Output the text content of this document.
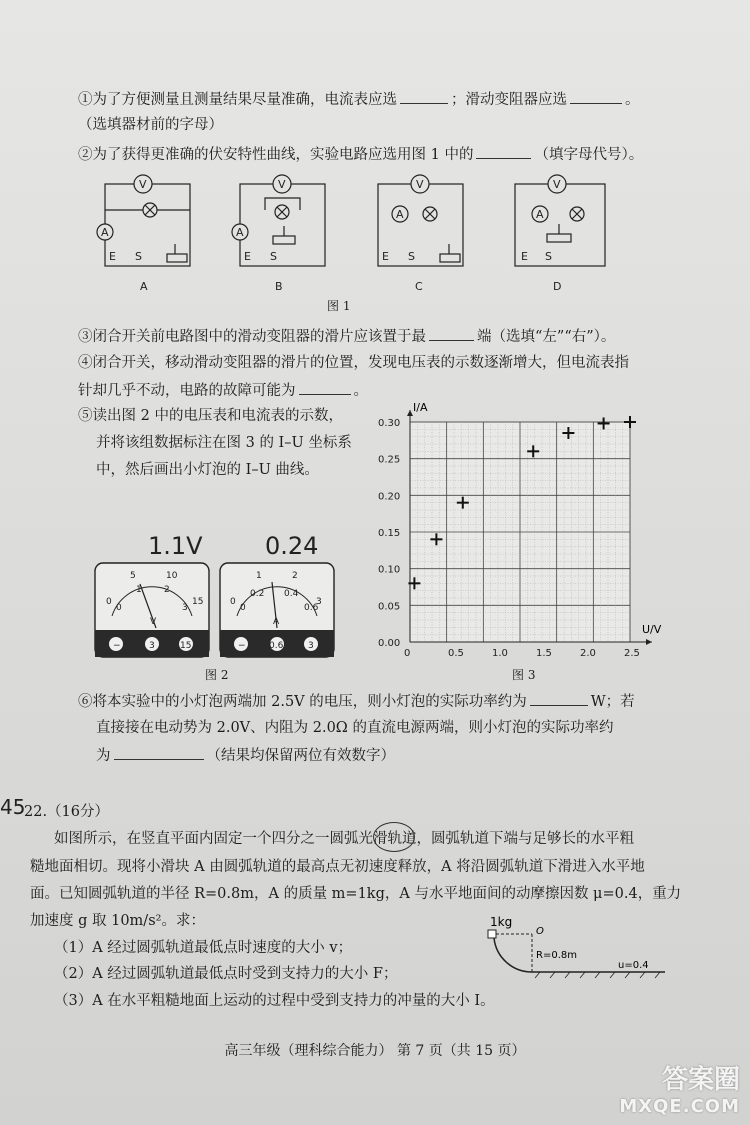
①为了方便测量且测量结果尽量准确，电流表应选	；滑动变阻器应选	。
（选填器材前的字母）
②为了获得更准确的伏安特性曲线，实验电路应选用图 1 中的	（填字母代号）。
V
A
E S
A
V
A
E S
B
V
A
E S
C
V
A
E S
D
图 1
③闭合开关前电路图中的滑动变阻器的滑片应该置于最	端（选填“左”“右”）。
④闭合开关，移动滑动变阻器的滑片的位置，发现电压表的示数逐渐增大，但电流表指
针却几乎不动，电路的故障可能为	。
⑤读出图 2 中的电压表和电流表的示数，
并将该组数据标注在图 3 的 I–U 坐标系
中，然后画出小灯泡的 I–U 曲线。
1.1V	0.24
0
5	10
15
0
1 2
3
V
−	3	15
0
1	2
3
0
0.2 0.4
0.6
A
−	0.6	3
图 2
0	0.5	1.0	1.5	2.0	2.5
0.00
0.05
0.10
0.15
0.20
0.25
0.30
I/A
U/V
图 3
⑥将本实验中的小灯泡两端加 2.5V 的电压，则小灯泡的实际功率约为	W；若
直接接在电动势为 2.0V、内阻为 2.0Ω 的直流电源两端，则小灯泡的实际功率约
为	（结果均保留两位有效数字）
45
22.（16分）
如图所示，在竖直平面内固定一个四分之一圆弧光滑轨道，圆弧轨道下端与足够长的水平粗
糙地面相切。现将小滑块 A 由圆弧轨道的最高点无初速度释放，A 将沿圆弧轨道下滑进入水平地
面。已知圆弧轨道的半径 R=0.8m，A 的质量 m=1kg，A 与水平地面间的动摩擦因数 μ=0.4，重力
加速度 g 取 10m/s²。求：
（1）A 经过圆弧轨道最低点时速度的大小 v；
（2）A 经过圆弧轨道最低点时受到支持力的大小 F；
（3）A 在水平粗糙地面上运动的过程中受到支持力的冲量的大小 I。
O
1kg
R=0.8m
u=0.4
高三年级（理科综合能力） 第 7 页（共 15 页）
答案圈
MXQE.COM
